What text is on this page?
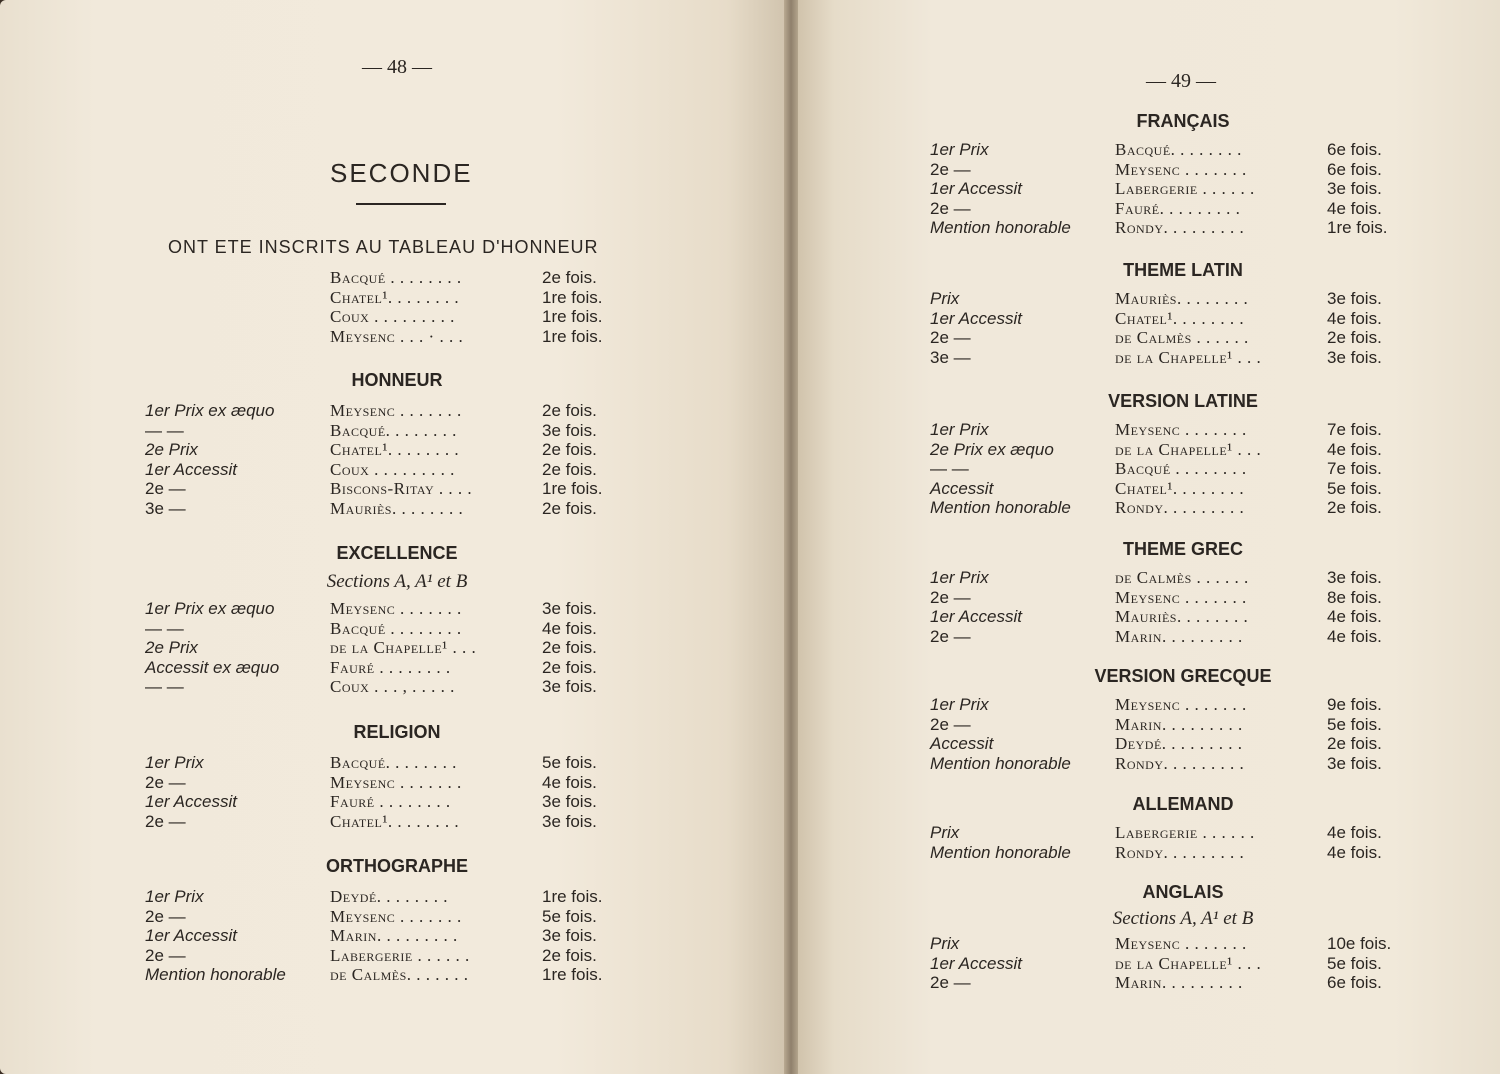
— 48 —
SECONDE
ONT ETE INSCRITS AU TABLEAU D'HONNEUR
Bacqué . . . . . . . .	2e fois.
Chatel¹. . . . . . . .	1re fois.
Coux . . . . . . . . .	1re fois.
Meysenc . . . · . . .	1re fois.
HONNEUR
1er Prix ex æquo	Meysenc . . . . . . .	2e fois.
— —	Bacqué. . . . . . . .	3e fois.
2e Prix	Chatel¹. . . . . . . .	2e fois.
1er Accessit	Coux . . . . . . . . .	2e fois.
2e —	Biscons-Ritay . . . .	1re fois.
3e —	Mauriès. . . . . . . .	2e fois.
EXCELLENCE
Sections A, A¹ et B
1er Prix ex æquo	Meysenc . . . . . . .	3e fois.
— —	Bacqué . . . . . . . .	4e fois.
2e Prix	de la Chapelle¹ . . .	2e fois.
Accessit ex æquo	Fauré . . . . . . . .	2e fois.
— —	Coux . . . , . . . . .	3e fois.
RELIGION
1er Prix	Bacqué. . . . . . . .	5e fois.
2e —	Meysenc . . . . . . .	4e fois.
1er Accessit	Fauré . . . . . . . .	3e fois.
2e —	Chatel¹. . . . . . . .	3e fois.
ORTHOGRAPHE
1er Prix	Deydé. . . . . . . .	1re fois.
2e —	Meysenc . . . . . . .	5e fois.
1er Accessit	Marin. . . . . . . . .	3e fois.
2e —	Labergerie . . . . . .	2e fois.
Mention honorable	de Calmès. . . . . . .	1re fois.
— 49 —
FRANÇAIS
1er Prix	Bacqué. . . . . . . .	6e fois.
2e —	Meysenc . . . . . . .	6e fois.
1er Accessit	Labergerie . . . . . .	3e fois.
2e —	Fauré. . . . . . . . .	4e fois.
Mention honorable	Rondy. . . . . . . . .	1re fois.
THEME LATIN
Prix	Mauriès. . . . . . . .	3e fois.
1er Accessit	Chatel¹. . . . . . . .	4e fois.
2e —	de Calmès . . . . . .	2e fois.
3e —	de la Chapelle¹ . . .	3e fois.
VERSION LATINE
1er Prix	Meysenc . . . . . . .	7e fois.
2e Prix ex æquo	de la Chapelle¹ . . .	4e fois.
— —	Bacqué . . . . . . . .	7e fois.
Accessit	Chatel¹. . . . . . . .	5e fois.
Mention honorable	Rondy. . . . . . . . .	2e fois.
THEME GREC
1er Prix	de Calmès . . . . . .	3e fois.
2e —	Meysenc . . . . . . .	8e fois.
1er Accessit	Mauriès. . . . . . . .	4e fois.
2e —	Marin. . . . . . . . .	4e fois.
VERSION GRECQUE
1er Prix	Meysenc . . . . . . .	9e fois.
2e —	Marin. . . . . . . . .	5e fois.
Accessit	Deydé. . . . . . . . .	2e fois.
Mention honorable	Rondy. . . . . . . . .	3e fois.
ALLEMAND
Prix	Labergerie . . . . . .	4e fois.
Mention honorable	Rondy. . . . . . . . .	4e fois.
ANGLAIS
Sections A, A¹ et B
Prix	Meysenc . . . . . . .	10e fois.
1er Accessit	de la Chapelle¹ . . .	5e fois.
2e —	Marin. . . . . . . . .	6e fois.
